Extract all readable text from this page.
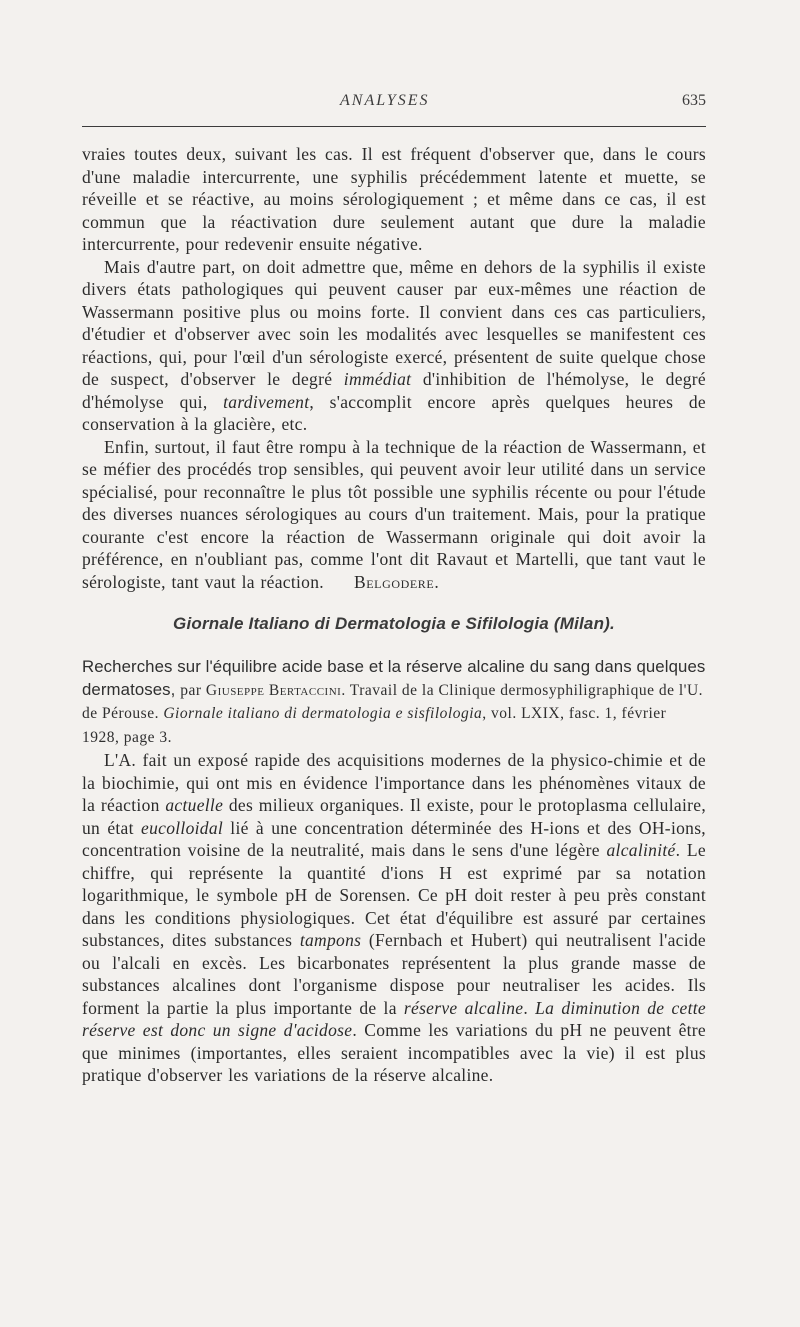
ANALYSES	635

vraies toutes deux, suivant les cas. Il est fréquent d'observer que, dans le cours d'une maladie intercurrente, une syphilis précédemment latente et muette, se réveille et se réactive, au moins sérologiquement ; et même dans ce cas, il est commun que la réactivation dure seulement autant que dure la maladie intercurrente, pour redevenir ensuite négative.

Mais d'autre part, on doit admettre que, même en dehors de la syphilis il existe divers états pathologiques qui peuvent causer par eux-mêmes une réaction de Wassermann positive plus ou moins forte. Il convient dans ces cas particuliers, d'étudier et d'observer avec soin les modalités avec lesquelles se manifestent ces réactions, qui, pour l'œil d'un sérologiste exercé, présentent de suite quelque chose de suspect, d'observer le degré immédiat d'inhibition de l'hémolyse, le degré d'hémolyse qui, tardivement, s'accomplit encore après quelques heures de conservation à la glacière, etc.

Enfin, surtout, il faut être rompu à la technique de la réaction de Wassermann, et se méfier des procédés trop sensibles, qui peuvent avoir leur utilité dans un service spécialisé, pour reconnaître le plus tôt possible une syphilis récente ou pour l'étude des diverses nuances sérologiques au cours d'un traitement. Mais, pour la pratique courante c'est encore la réaction de Wassermann originale qui doit avoir la préférence, en n'oubliant pas, comme l'ont dit Ravaut et Martelli, que tant vaut le sérologiste, tant vaut la réaction. Belgodere.

Giornale Italiano di Dermatologia e Sifilologia (Milan).
Recherches sur l'équilibre acide base et la réserve alcaline du sang dans quelques dermatoses, par Giuseppe Bertaccini. Travail de la Clinique dermosyphiligraphique de l'U. de Pérouse. Giornale italiano di dermatologia e sisfilologia, vol. LXIX, fasc. 1, février 1928, page 3.

L'A. fait un exposé rapide des acquisitions modernes de la physico-chimie et de la biochimie, qui ont mis en évidence l'importance dans les phénomènes vitaux de la réaction actuelle des milieux organiques. Il existe, pour le protoplasma cellulaire, un état eucolloidal lié à une concentration déterminée des H-ions et des OH-ions, concentration voisine de la neutralité, mais dans le sens d'une légère alcalinité. Le chiffre, qui représente la quantité d'ions H est exprimé par sa notation logarithmique, le symbole pH de Sorensen. Ce pH doit rester à peu près constant dans les conditions physiologiques. Cet état d'équilibre est assuré par certaines substances, dites substances tampons (Fernbach et Hubert) qui neutralisent l'acide ou l'alcali en excès. Les bicarbonates représentent la plus grande masse de substances alcalines dont l'organisme dispose pour neutraliser les acides. Ils forment la partie la plus importante de la réserve alcaline. La diminution de cette réserve est donc un signe d'acidose. Comme les variations du pH ne peuvent être que minimes (importantes, elles seraient incompatibles avec la vie) il est plus pratique d'observer les variations de la réserve alcaline.
